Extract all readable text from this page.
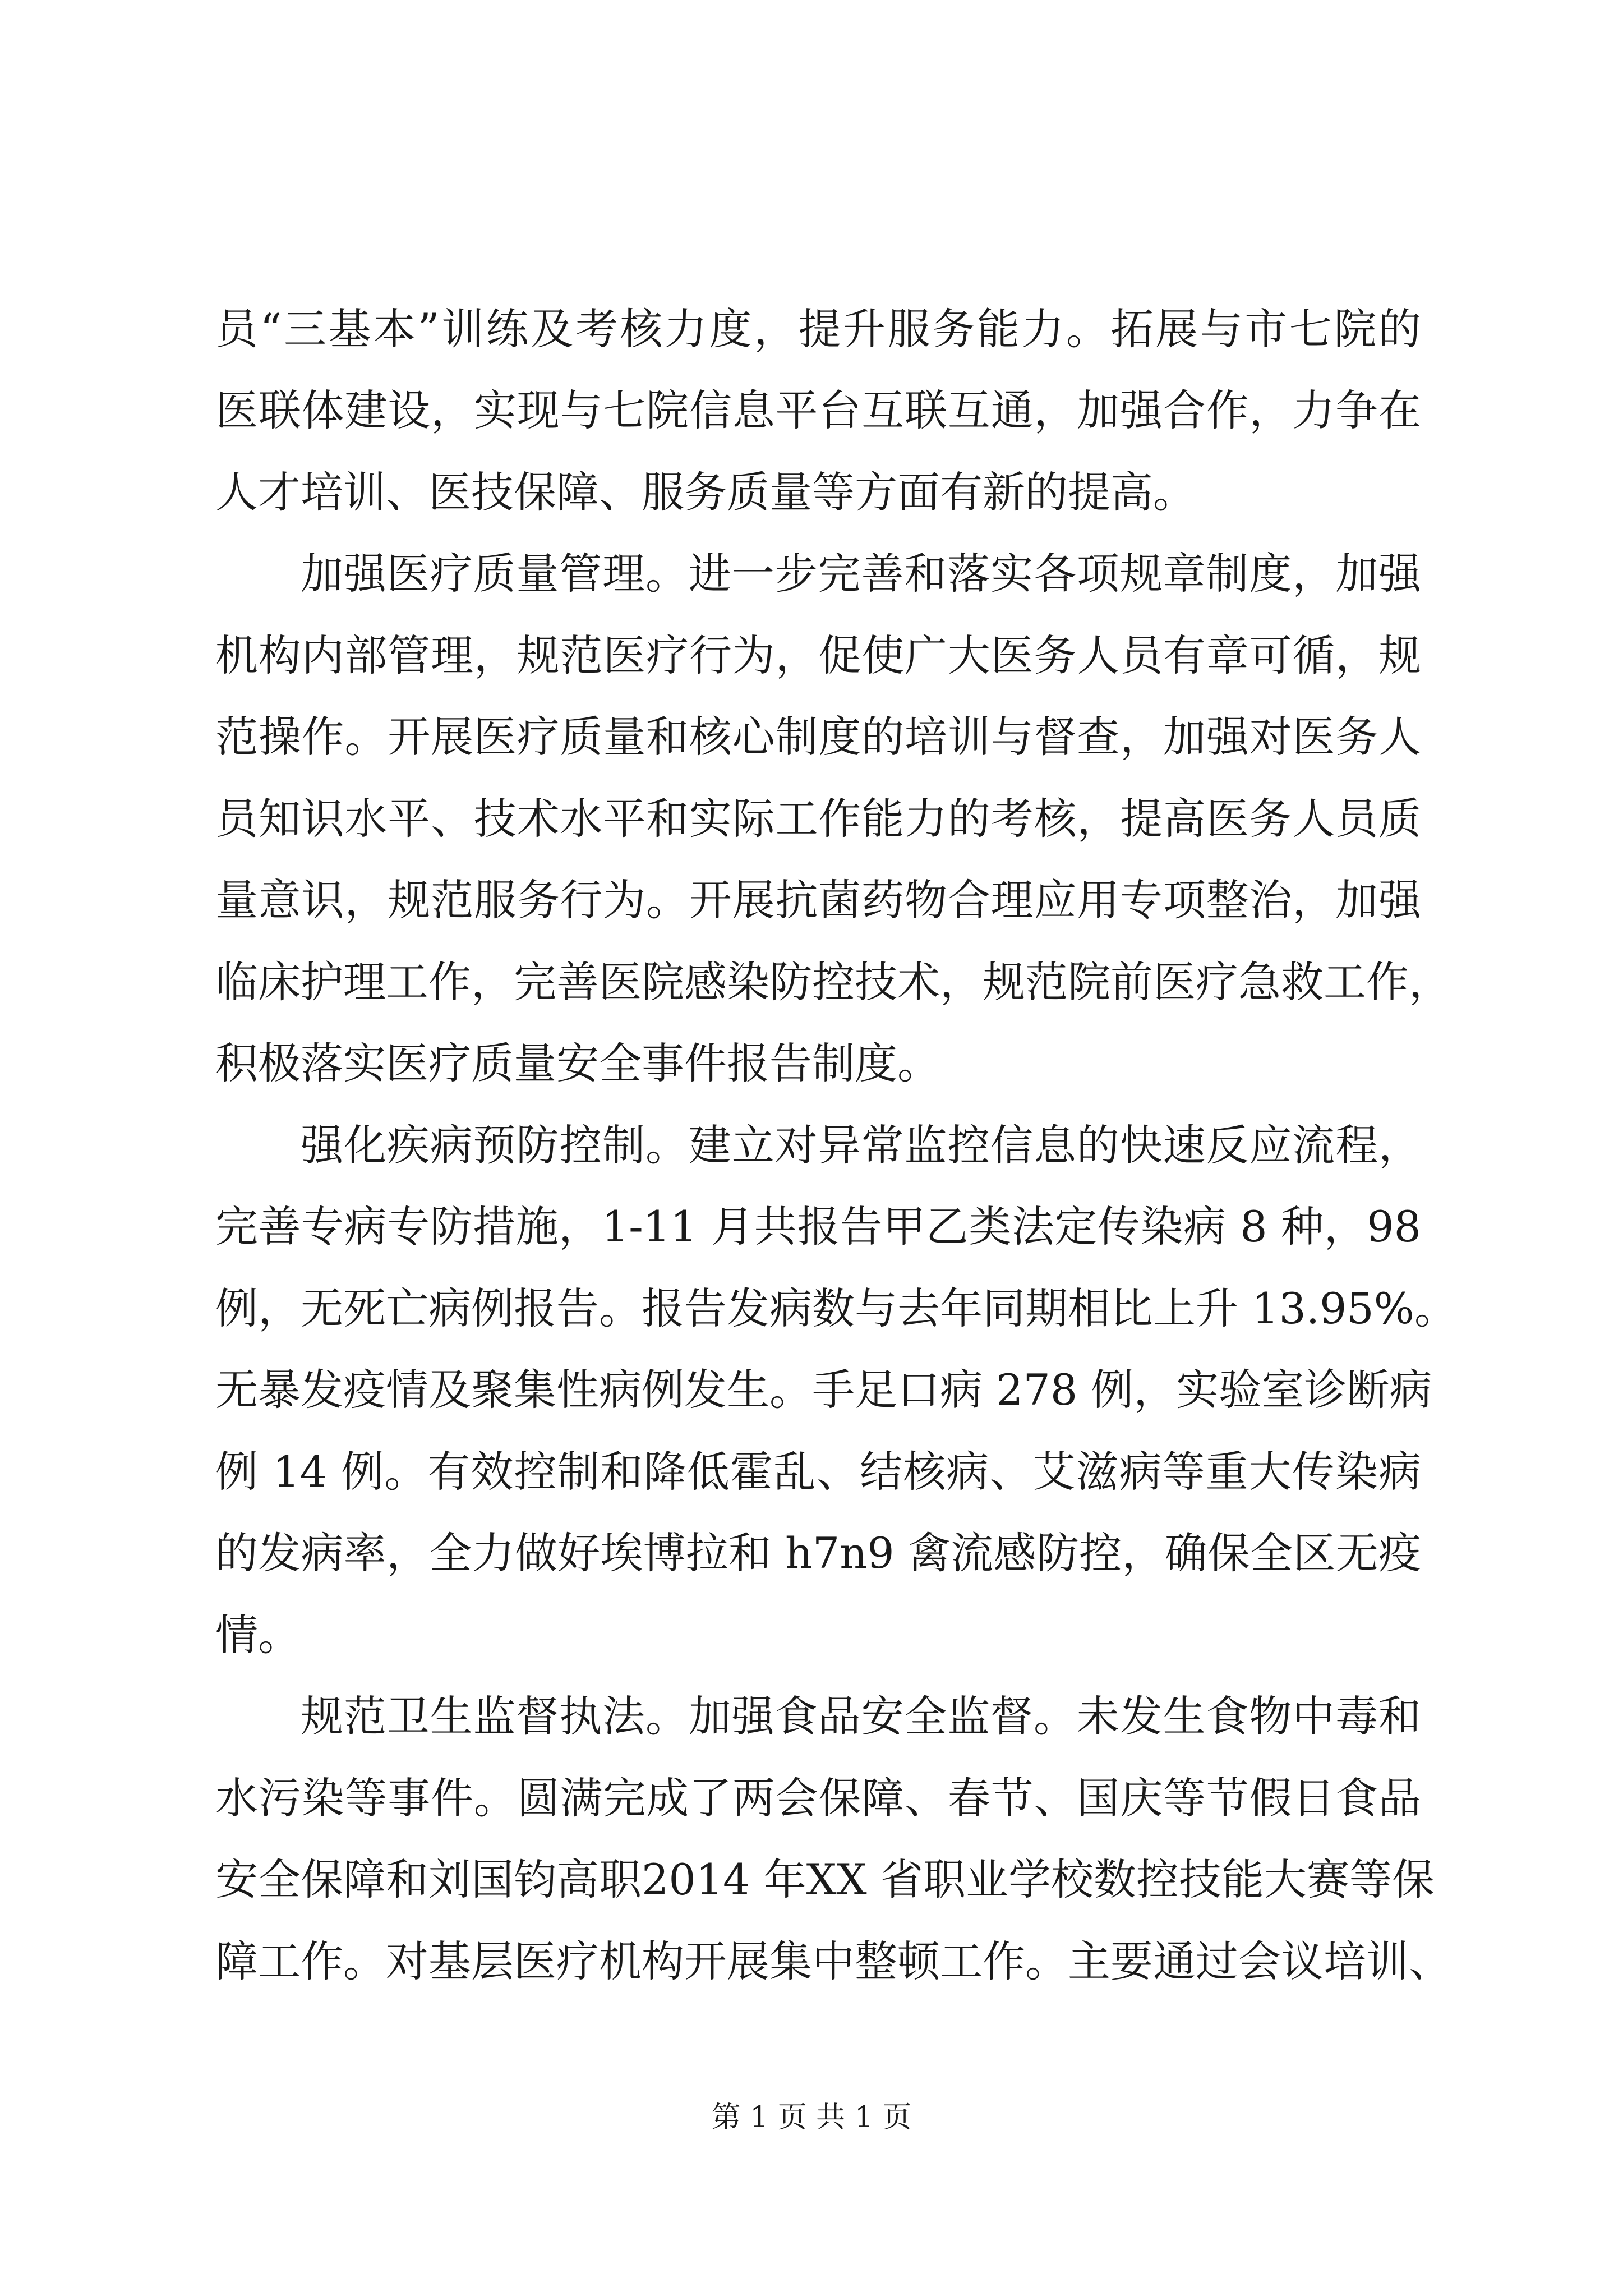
员“三基本”训练及考核力度，提升服务能力。拓展与市七院的
医联体建设，实现与七院信息平台互联互通，加强合作，力争在
人才培训、医技保障、服务质量等方面有新的提高。
加强医疗质量管理。进一步完善和落实各项规章制度，加强
机构内部管理，规范医疗行为，促使广大医务人员有章可循，规
范操作。开展医疗质量和核心制度的培训与督查，加强对医务人
员知识水平、技术水平和实际工作能力的考核，提高医务人员质
量意识，规范服务行为。开展抗菌药物合理应用专项整治，加强
临床护理工作，完善医院感染防控技术，规范院前医疗急救工作，
积极落实医疗质量安全事件报告制度。
强化疾病预防控制。建立对异常监控信息的快速反应流程，
完善专病专防措施，1-11 月共报告甲乙类法定传染病 8 种，98
例，无死亡病例报告。报告发病数与去年同期相比上升 13.95%。
无暴发疫情及聚集性病例发生。手足口病 278 例，实验室诊断病
例 14 例。有效控制和降低霍乱、结核病、艾滋病等重大传染病
的发病率，全力做好埃博拉和 h7n9 禽流感防控，确保全区无疫
情。
规范卫生监督执法。加强食品安全监督。未发生食物中毒和
水污染等事件。圆满完成了两会保障、春节、国庆等节假日食品
安全保障和刘国钧高职2014 年XX 省职业学校数控技能大赛等保
障工作。对基层医疗机构开展集中整顿工作。主要通过会议培训、
第 1 页 共 1 页
